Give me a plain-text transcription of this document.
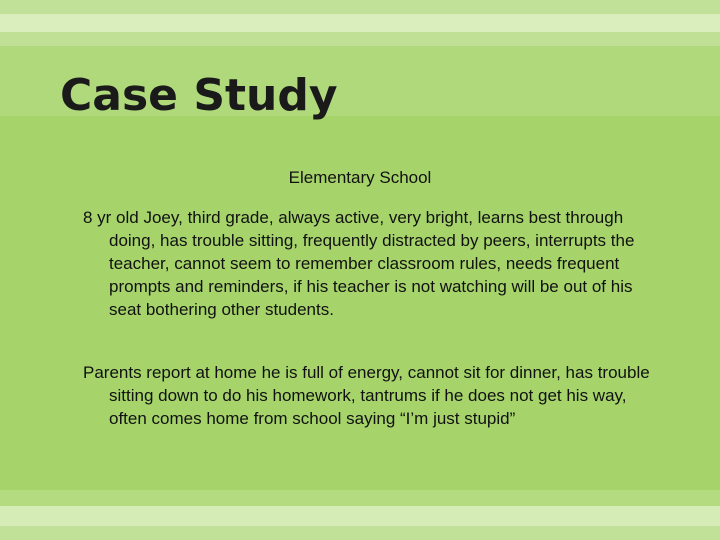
Case Study

Elementary School

8 yr old Joey, third grade, always active, very bright, learns best through doing, has trouble sitting, frequently distracted by peers, interrupts the teacher, cannot seem to remember classroom rules, needs frequent prompts and reminders, if his teacher is not watching will be out of his seat bothering other students.

Parents report at home he is full of energy, cannot sit for dinner, has trouble sitting down to do his homework, tantrums if he does not get his way, often comes home from school saying “I’m just stupid”
